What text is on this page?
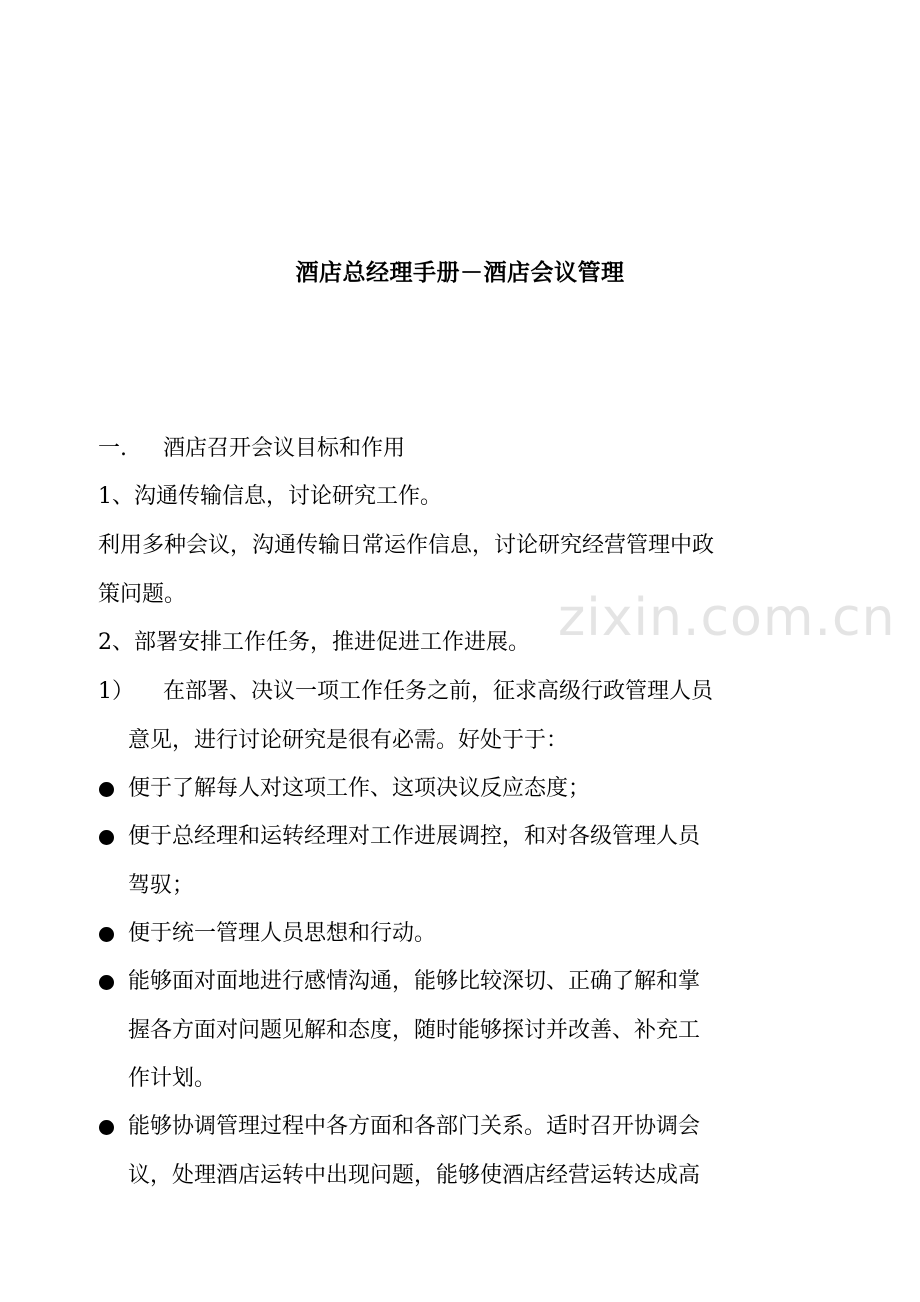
zixin.com.cn
酒店总经理手册－酒店会议管理
一. 酒店召开会议目标和作用
1、沟通传输信息，讨论研究工作。
利用多种会议，沟通传输日常运作信息，讨论研究经营管理中政
策问题。
2、部署安排工作任务，推进促进工作进展。
1） 在部署、决议一项工作任务之前，征求高级行政管理人员
意见，进行讨论研究是很有必需。好处于于：
便于了解每人对这项工作、这项决议反应态度；
便于总经理和运转经理对工作进展调控，和对各级管理人员
驾驭；
便于统一管理人员思想和行动。
能够面对面地进行感情沟通，能够比较深切、正确了解和掌
握各方面对问题见解和态度，随时能够探讨并改善、补充工
作计划。
能够协调管理过程中各方面和各部门关系。适时召开协调会
议，处理酒店运转中出现问题，能够使酒店经营运转达成高
